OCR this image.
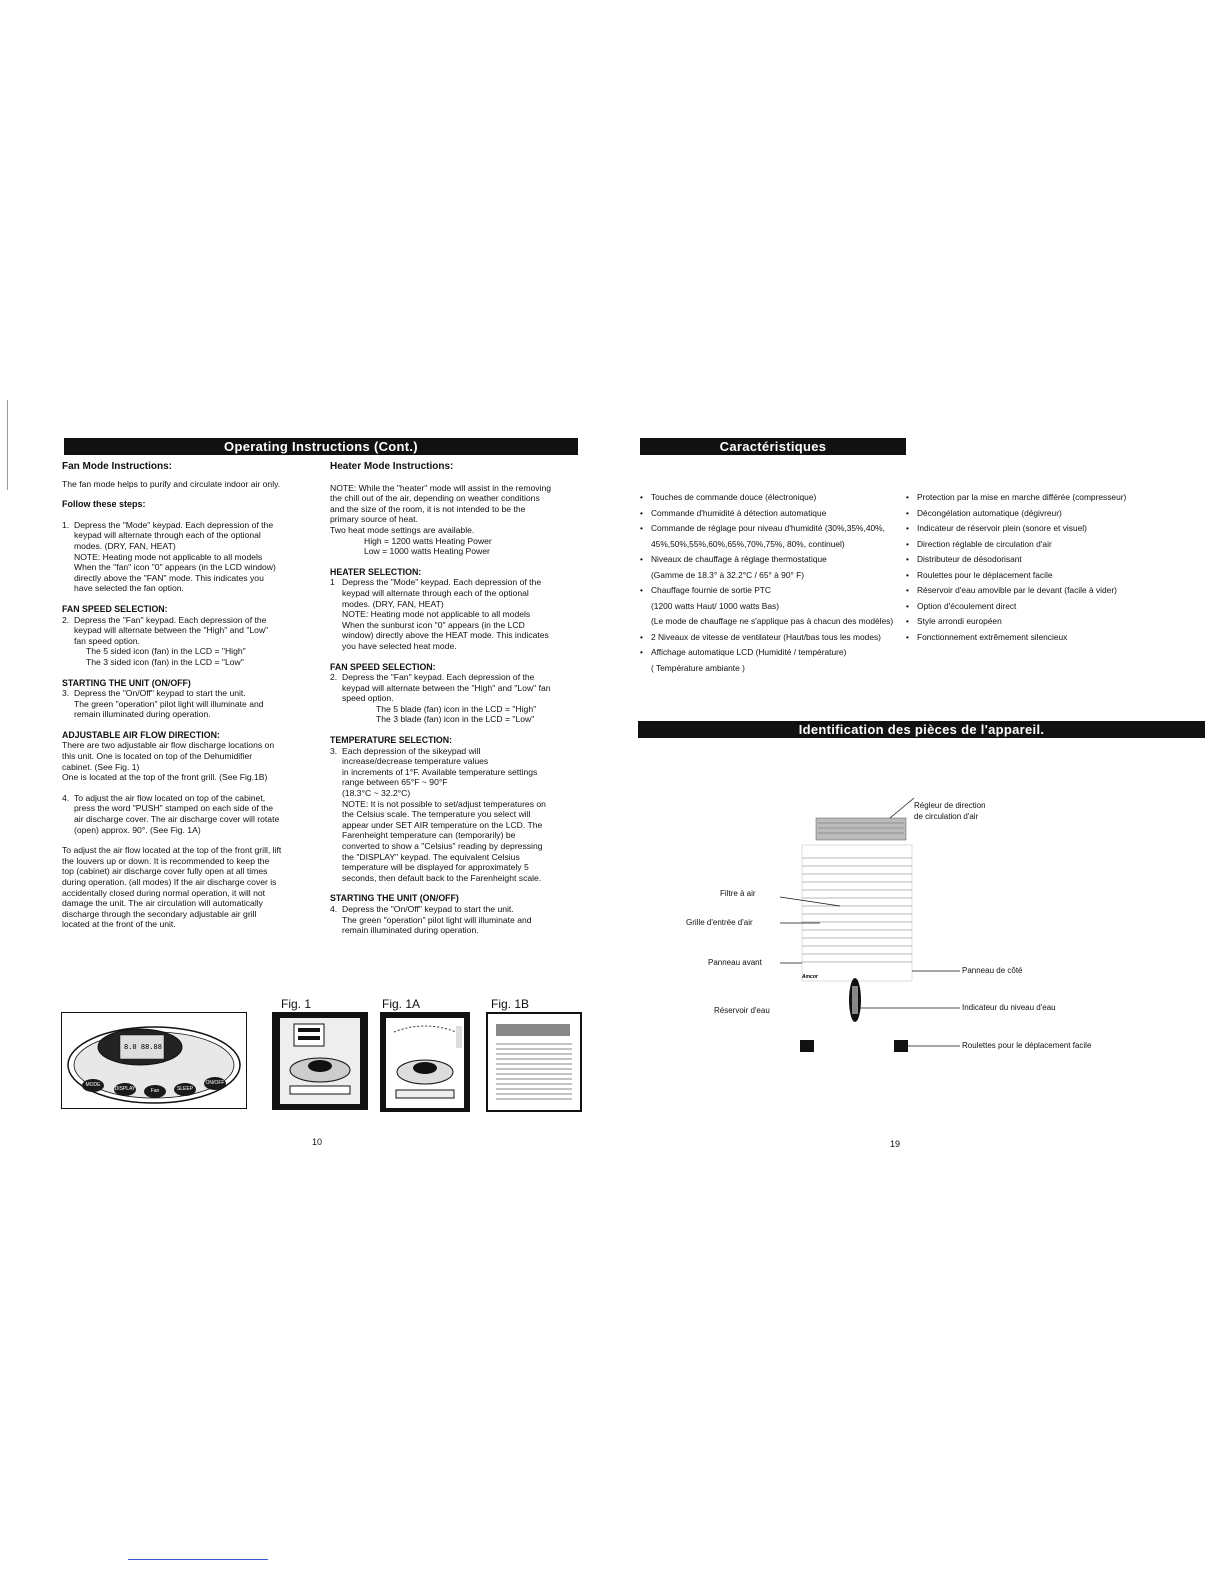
Operating Instructions (Cont.)

Fan Mode Instructions:

The fan mode helps to purify and circulate indoor air only.

Follow these steps:

1. Depress the "Mode" keypad. Each depression of the

keypad will alternate through each of the optional

modes. (DRY, FAN, HEAT)

NOTE: Heating mode not applicable to all models

When the "fan" icon "0" appears (in the LCD window)

directly above the "FAN" mode. This indicates you

have selected the fan option.

FAN SPEED SELECTION:

2. Depress the "Fan" keypad. Each depression of the

keypad will alternate between the "High" and "Low"

fan speed option.

The 5 sided icon (fan) in the LCD = "High"

The 3 sided icon (fan) in the LCD = "Low"

STARTING THE UNIT (ON/OFF)

3. Depress the "On/Off" keypad to start the unit.

The green "operation" pilot light will illuminate and

remain illuminated during operation.

ADJUSTABLE AIR FLOW DIRECTION:

There are two adjustable air flow discharge locations on

this unit. One is located on top of the Dehumidifier

cabinet. (See Fig. 1)

One is located at the top of the front grill. (See Fig.1B)

4. To adjust the air flow located on top of the cabinet,

press the word "PUSH" stamped on each side of the

air discharge cover. The air discharge cover will rotate

(open) approx. 90°. (See Fig. 1A)

To adjust the air flow located at the top of the front grill, lift

the louvers up or down. It is recommended to keep the

top (cabinet) air discharge cover fully open at all times

during operation. (all modes) If the air discharge cover is

accidentally closed during normal operation, it will not

damage the unit. The air circulation will automatically

discharge through the secondary adjustable air grill

located at the front of the unit.

Heater Mode Instructions:

NOTE: While the "heater" mode will assist in the removing

the chill out of the air, depending on weather conditions

and the size of the room, it is not intended to be the

primary source of heat.

Two heat mode settings are available.

High = 1200 watts Heating Power

Low = 1000 watts Heating Power

HEATER SELECTION:

1 Depress the "Mode" keypad. Each depression of the

keypad will alternate through each of the optional

modes. (DRY, FAN, HEAT)

NOTE: Heating mode not applicable to all models

When the sunburst icon "0" appears (in the LCD

window) directly above the HEAT mode. This indicates

you have selected heat mode.

FAN SPEED SELECTION:

2. Depress the "Fan" keypad. Each depression of the

keypad will alternate between the "High" and "Low" fan

speed option.

The 5 blade (fan) icon in the LCD = "High"

The 3 blade (fan) icon in the LCD = "Low"

TEMPERATURE SELECTION:

3. Each depression of the sikeypad will

increase/decrease temperature values

in increments of 1°F. Available temperature settings

range between 65°F ~ 90°F

(18.3°C ~ 32.2°C)

NOTE: It is not possible to set/adjust temperatures on

the Celsius scale. The temperature you select will

appear under SET AIR temperature on the LCD. The

Farenheight temperature can (temporarily) be

converted to show a "Celsius" reading by depressing

the "DISPLAY" keypad. The equivalent Celsius

temperature will be displayed for approximately 5

seconds, then default back to the Farenheight scale.

STARTING THE UNIT (ON/OFF)

4. Depress the "On/Off" keypad to start the unit.

The green "operation" pilot light will illuminate and

remain illuminated during operation.

Fig. 1	Fig. 1A	Fig. 1B
8.0 88.88
MODE
DISPLAY	Fan	SLEEP
ON/OFF
10
Caractéristiques
• Touches de commande douce (électronique)
• Commande d'humidité à détection automatique
• Commande de réglage pour niveau d'humidité (30%,35%,40%,
45%,50%,55%,60%,65%,70%,75%, 80%, continuel)
• Niveaux de chauffage à réglage thermostatique
(Gamme de 18.3° à 32.2°C / 65° à 90° F)
• Chauffage fournie de sortie PTC
(1200 watts Haut/ 1000 watts Bas)
(Le mode de chauffage ne s'applique pas à chacun des modèles)
• 2 Niveaux de vitesse de ventilateur (Haut/bas tous les modes)
• Affichage automatique LCD (Humidité / température)
( Température ambiante )
• Protection par la mise en marche différée (compresseur)
• Décongélation automatique (dégivreur)
• Indicateur de réservoir plein (sonore et visuel)
• Direction réglable de circulation d'air
• Distributeur de désodorisant
• Roulettes pour le déplacement facile
• Réservoir d'eau amovible par le devant (facile à vider)
• Option d'écoulement direct
• Style arrondi européen
• Fonctionnement extrêmement silencieux
Identification des pièces de l'appareil.
Amcor
Régleur de direction
de circulation d'air
Filtre à air
Grille d'entrée d'air
Panneau avant
Panneau de côté
Réservoir d'eau	Indicateur du niveau d'eau
Roulettes pour le déplacement facile
19
